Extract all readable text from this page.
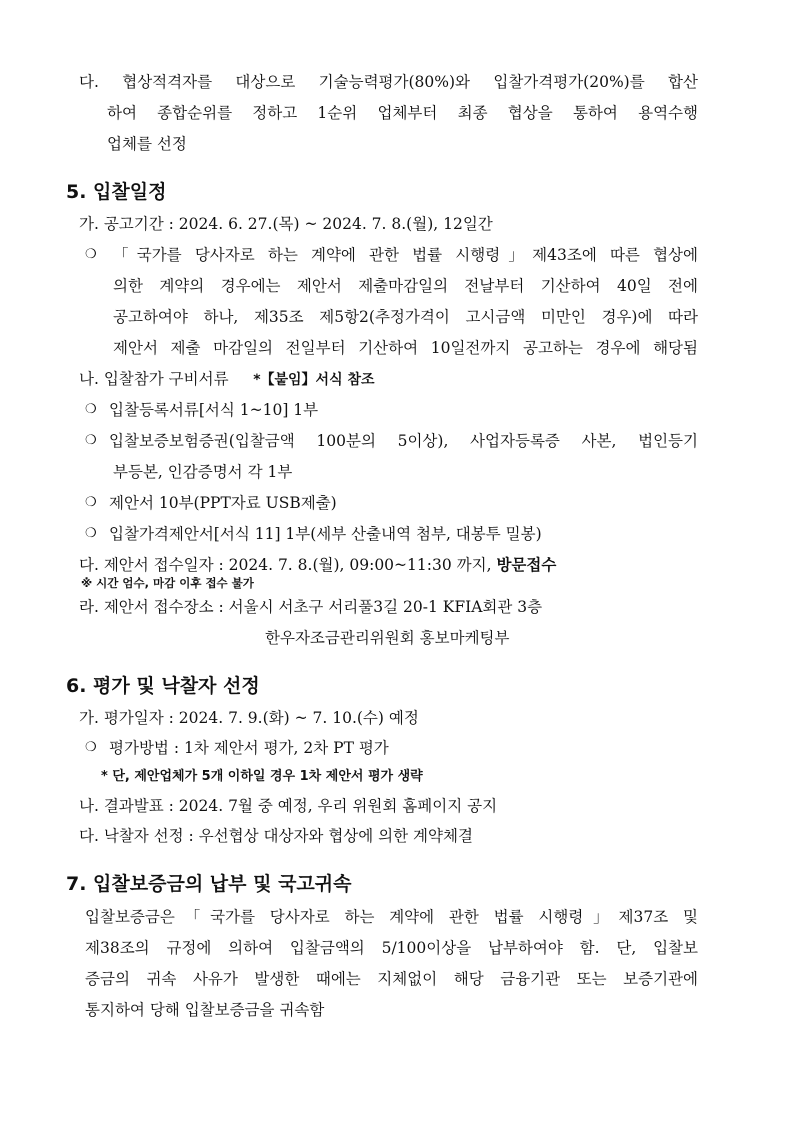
다. 협상적격자를 대상으로 기술능력평가(80%)와 입찰가격평가(20%)를 합산
하여 종합순위를 정하고 1순위 업체부터 최종 협상을 통하여 용역수행
업체를 선정
5. 입찰일정
가. 공고기간 : 2024. 6. 27.(목) ~ 2024. 7. 8.(월), 12일간
❍ 「국가를 당사자로 하는 계약에 관한 법률 시행령」제43조에 따른 협상에
의한 계약의 경우에는 제안서 제출마감일의 전날부터 기산하여 40일 전에
공고하여야 하나, 제35조 제5항2(추정가격이 고시금액 미만인 경우)에 따라
제안서 제출 마감일의 전일부터 기산하여 10일전까지 공고하는 경우에 해당됨
나. 입찰참가 구비서류 *【붙임】서식 참조
❍ 입찰등록서류[서식 1~10] 1부
❍ 입찰보증보험증권(입찰금액 100분의 5이상), 사업자등록증 사본, 법인등기
부등본, 인감증명서 각 1부
❍ 제안서 10부(PPT자료 USB제출)
❍ 입찰가격제안서[서식 11] 1부(세부 산출내역 첨부, 대봉투 밀봉)
다. 제안서 접수일자 : 2024. 7. 8.(월), 09:00~11:30 까지, 방문접수
※ 시간 엄수, 마감 이후 접수 불가
라. 제안서 접수장소 : 서울시 서초구 서리풀3길 20-1 KFIA회관 3층
한우자조금관리위원회 홍보마케팅부
6. 평가 및 낙찰자 선정
가. 평가일자 : 2024. 7. 9.(화) ~ 7. 10.(수) 예정
❍ 평가방법 : 1차 제안서 평가, 2차 PT 평가
* 단, 제안업체가 5개 이하일 경우 1차 제안서 평가 생략
나. 결과발표 : 2024. 7월 중 예정, 우리 위원회 홈페이지 공지
다. 낙찰자 선정 : 우선협상 대상자와 협상에 의한 계약체결
7. 입찰보증금의 납부 및 국고귀속
입찰보증금은「국가를 당사자로 하는 계약에 관한 법률 시행령」제37조 및
제38조의 규정에 의하여 입찰금액의 5/100이상을 납부하여야 함. 단, 입찰보
증금의 귀속 사유가 발생한 때에는 지체없이 해당 금융기관 또는 보증기관에
통지하여 당해 입찰보증금을 귀속함
